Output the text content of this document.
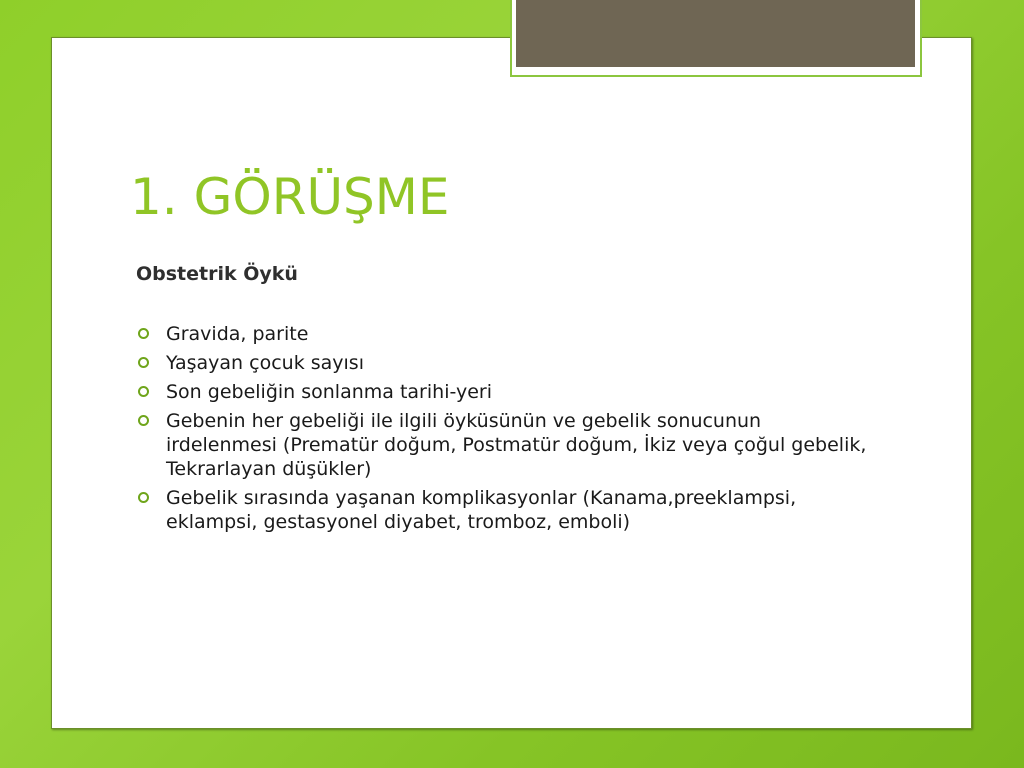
1. GÖRÜŞME
Obstetrik Öykü
Gravida, parite
Yaşayan çocuk sayısı
Son gebeliğin sonlanma tarihi-yeri
Gebenin her gebeliği ile ilgili öyküsünün ve gebelik sonucunun irdelenmesi (Prematür doğum, Postmatür doğum, İkiz veya çoğul gebelik, Tekrarlayan düşükler)
Gebelik sırasında yaşanan komplikasyonlar (Kanama,preeklampsi, eklampsi, gestasyonel diyabet, tromboz, emboli)
